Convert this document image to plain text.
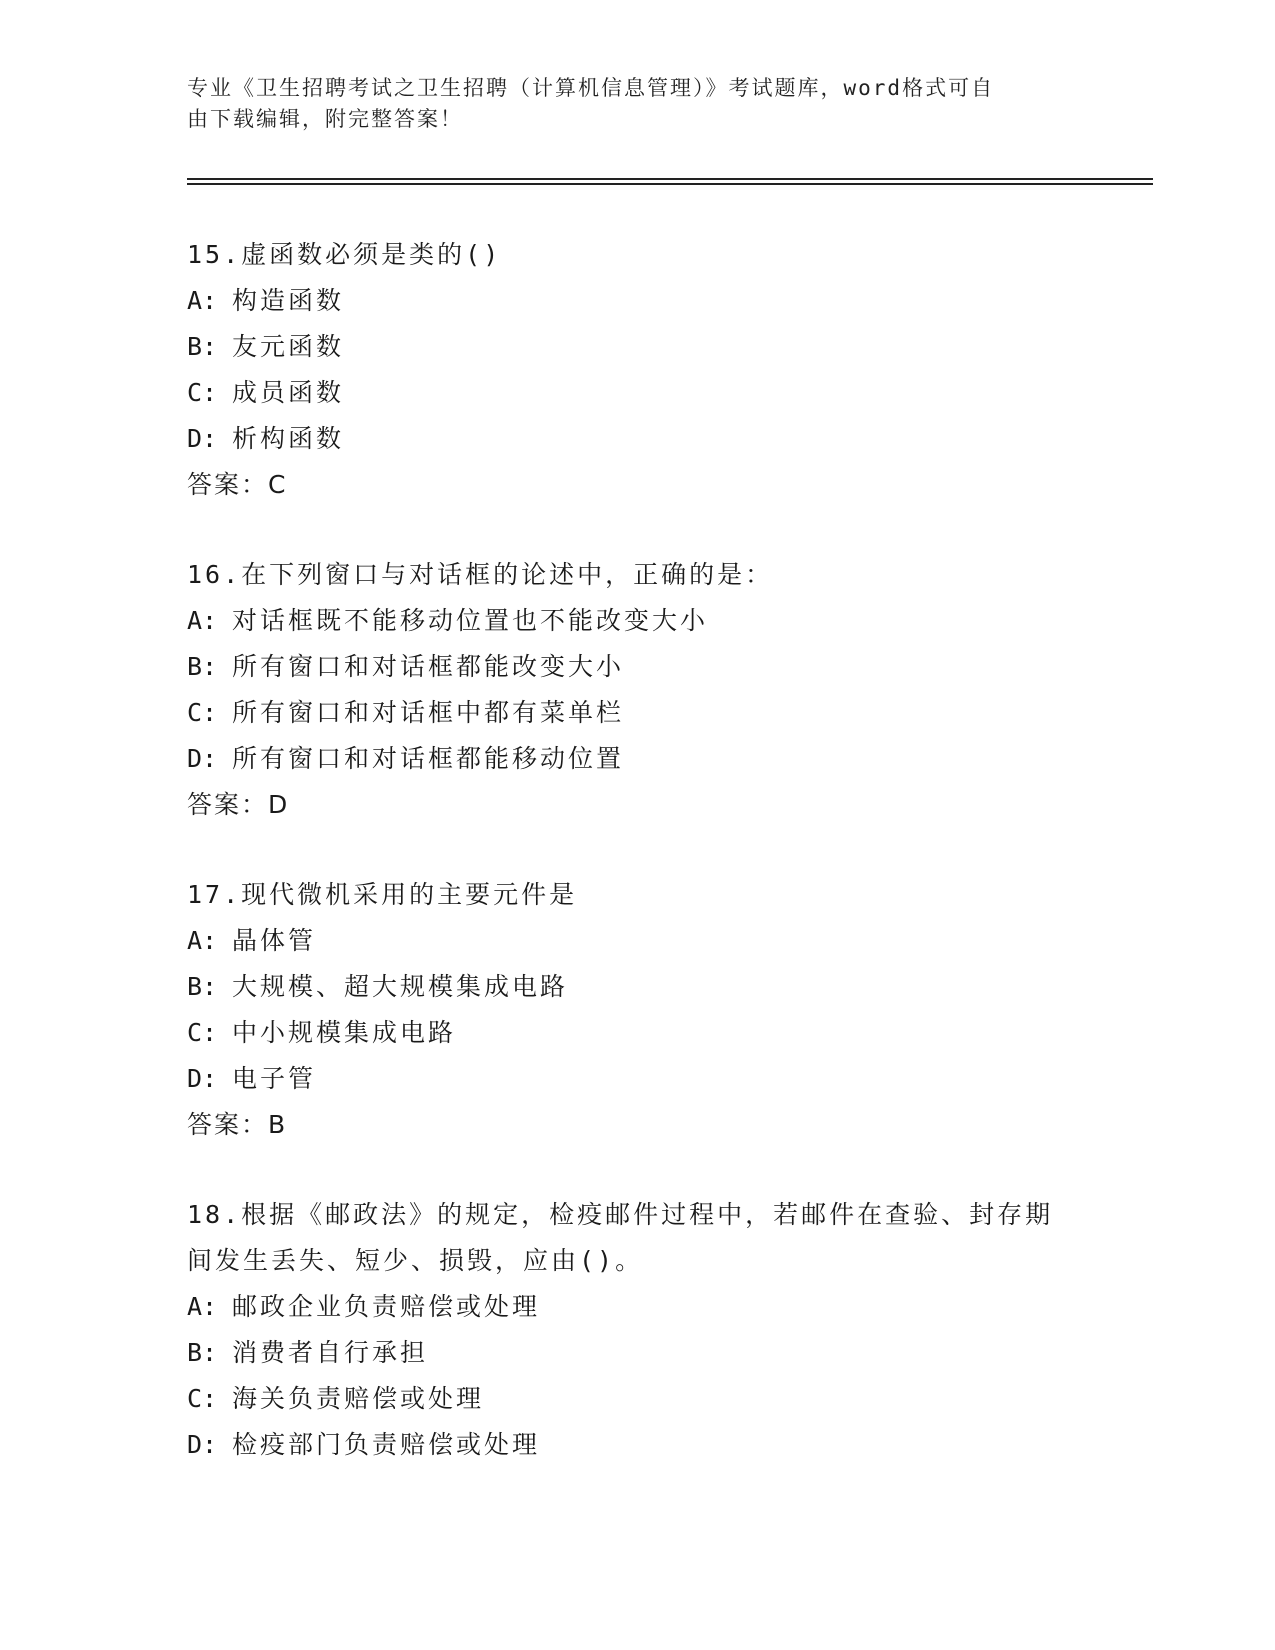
专业《卫生招聘考试之卫生招聘（计算机信息管理）》考试题库，word格式可自
由下载编辑，附完整答案！
15.虚函数必须是类的()
A: 构造函数
B: 友元函数
C: 成员函数
D: 析构函数
答案：C
16.在下列窗口与对话框的论述中，正确的是：
A: 对话框既不能移动位置也不能改变大小
B: 所有窗口和对话框都能改变大小
C: 所有窗口和对话框中都有菜单栏
D: 所有窗口和对话框都能移动位置
答案：D
17.现代微机采用的主要元件是
A: 晶体管
B: 大规模、超大规模集成电路
C: 中小规模集成电路
D: 电子管
答案：B
18.根据《邮政法》的规定，检疫邮件过程中，若邮件在查验、封存期
间发生丢失、短少、损毁，应由()。
A: 邮政企业负责赔偿或处理
B: 消费者自行承担
C: 海关负责赔偿或处理
D: 检疫部门负责赔偿或处理
